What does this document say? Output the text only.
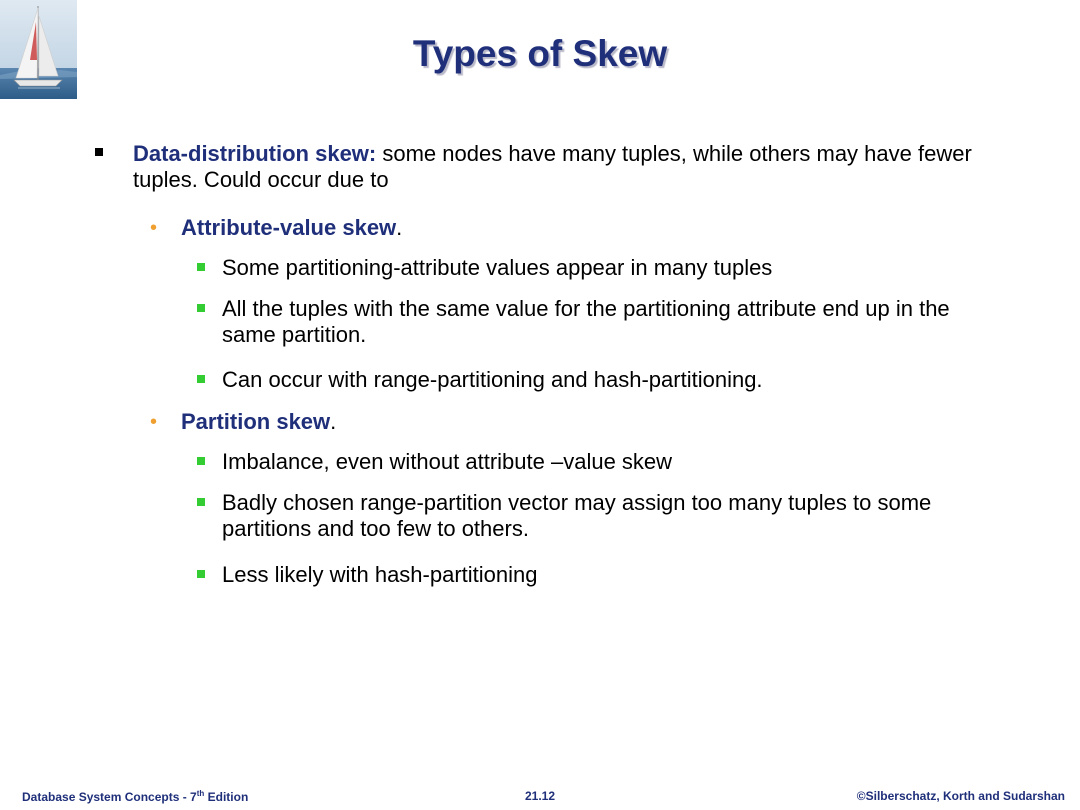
Types of Skew
Data-distribution skew: some nodes have many tuples, while others may have fewer tuples. Could occur due to
• Attribute-value skew.
Some partitioning-attribute values appear in many tuples
All the tuples with the same value for the partitioning attribute end up in the same partition.
Can occur with range-partitioning and hash-partitioning.
• Partition skew.
Imbalance, even without attribute –value skew
Badly chosen range-partition vector may assign too many tuples to some partitions and too few to others.
Less likely with hash-partitioning
Database System Concepts - 7th Edition	21.12	©Silberschatz, Korth and Sudarshan
